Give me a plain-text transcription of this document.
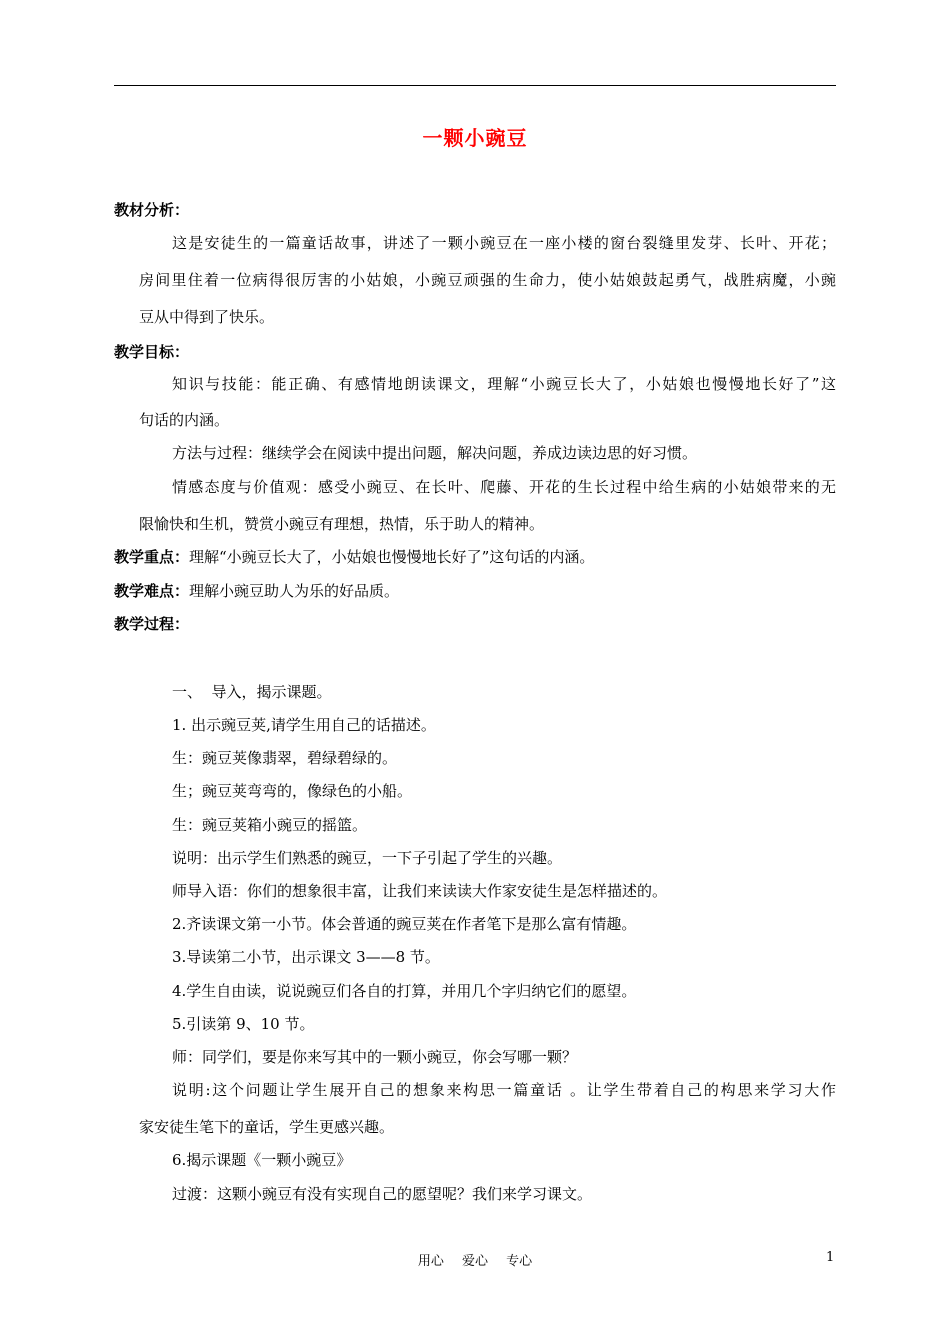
一颗小豌豆
教材分析：
这是安徒生的一篇童话故事，讲述了一颗小豌豆在一座小楼的窗台裂缝里发芽、长叶、开花；
房间里住着一位病得很厉害的小姑娘，小豌豆顽强的生命力，使小姑娘鼓起勇气，战胜病魔，小豌
豆从中得到了快乐。
教学目标：
知识与技能：能正确、有感情地朗读课文，理解“小豌豆长大了，小姑娘也慢慢地长好了”这
句话的内涵。
方法与过程：继续学会在阅读中提出问题，解决问题，养成边读边思的好习惯。
情感态度与价值观：感受小豌豆、在长叶、爬藤、开花的生长过程中给生病的小姑娘带来的无
限愉快和生机，赞赏小豌豆有理想，热情，乐于助人的精神。
教学重点：理解“小豌豆长大了，小姑娘也慢慢地长好了”这句话的内涵。
教学难点：理解小豌豆助人为乐的好品质。
教学过程：
一、  导入，揭示课题。
1. 出示豌豆荚,请学生用自己的话描述。
生：豌豆荚像翡翠，碧绿碧绿的。
生；豌豆荚弯弯的，像绿色的小船。
生：豌豆荚箱小豌豆的摇篮。
说明：出示学生们熟悉的豌豆，一下子引起了学生的兴趣。
师导入语：你们的想象很丰富，让我们来读读大作家安徒生是怎样描述的。
2.齐读课文第一小节。体会普通的豌豆荚在作者笔下是那么富有情趣。
3.导读第二小节，出示课文 3——8 节。
4.学生自由读，说说豌豆们各自的打算，并用几个字归纳它们的愿望。
5.引读第 9、10 节。
师：同学们，要是你来写其中的一颗小豌豆，你会写哪一颗？
说明:这个问题让学生展开自己的想象来构思一篇童话 。让学生带着自己的构思来学习大作
家安徒生笔下的童话，学生更感兴趣。
6.揭示课题《一颗小豌豆》
过渡：这颗小豌豆有没有实现自己的愿望呢？我们来学习课文。
用心 爱心 专心	1
